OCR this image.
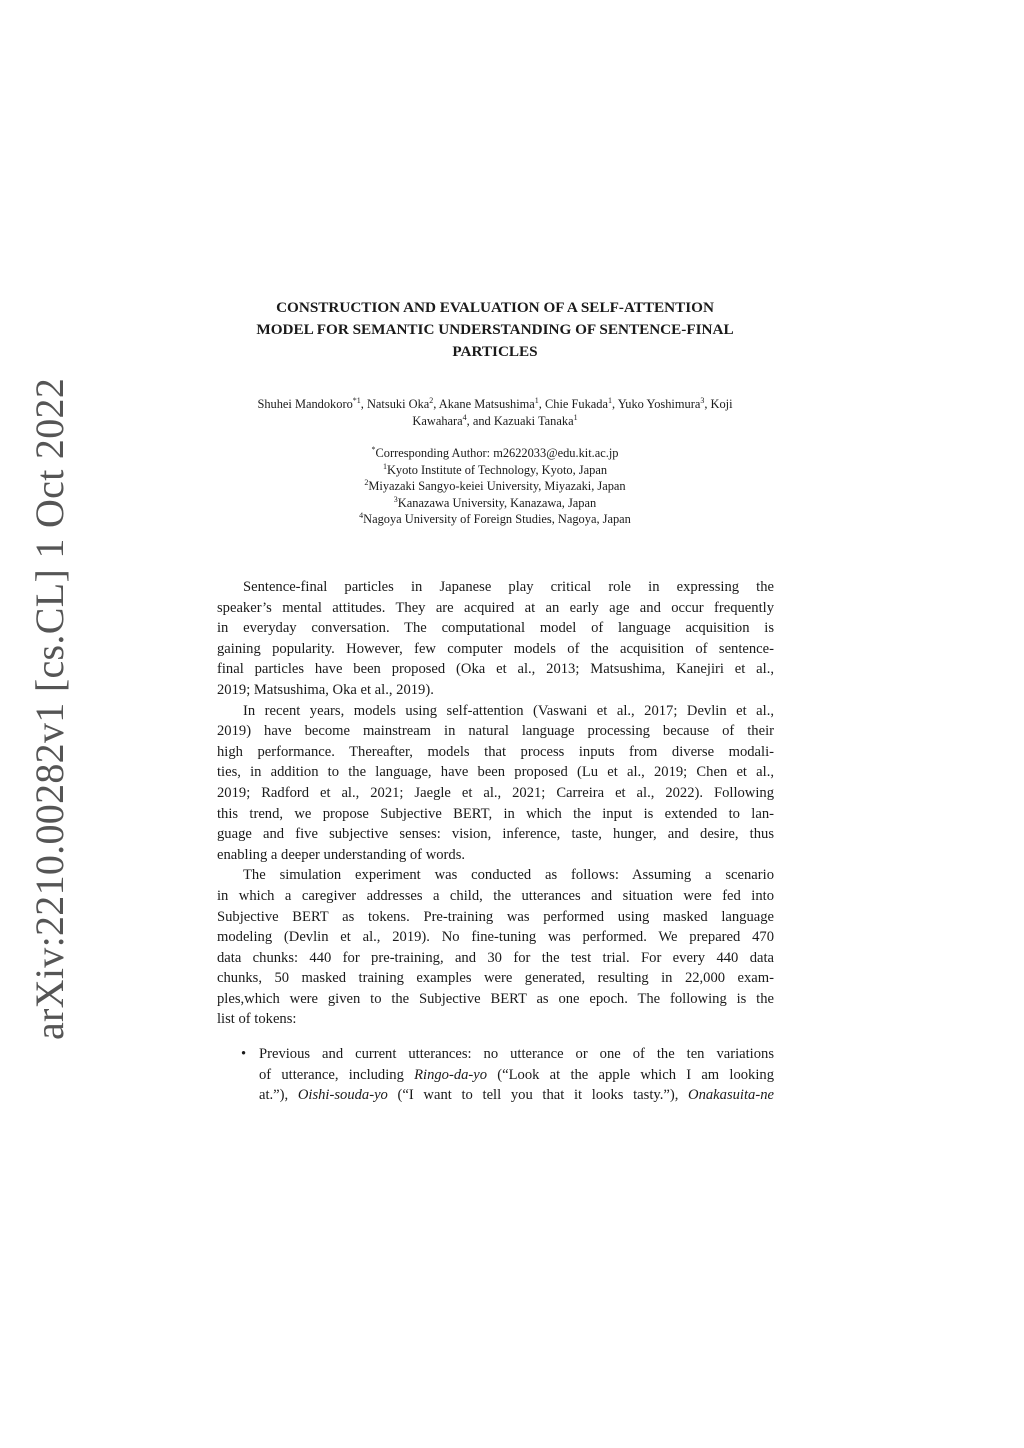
arXiv:2210.00282v1 [cs.CL] 1 Oct 2022
CONSTRUCTION AND EVALUATION OF A SELF-ATTENTION
MODEL FOR SEMANTIC UNDERSTANDING OF SENTENCE-FINAL
PARTICLES
Shuhei Mandokoro$^{*1}$, Natsuki Oka$^2$, Akane Matsushima$^1$, Chie Fukada$^1$, Yuko Yoshimura$^3$, Koji
Kawahara$^4$, and Kazuaki Tanaka$^1$
*Corresponding Author: m2622033@edu.kit.ac.jp
$^1$Kyoto Institute of Technology, Kyoto, Japan
$^2$Miyazaki Sangyo-keiei University, Miyazaki, Japan
$^3$Kanazawa University, Kanazawa, Japan
$^4$Nagoya University of Foreign Studies, Nagoya, Japan

Sentence-final particles in Japanese play critical role in expressing the
speaker’s mental attitudes. They are acquired at an early age and occur frequently
in everyday conversation. The computational model of language acquisition is
gaining popularity. However, few computer models of the acquisition of sentence-
final particles have been proposed (Oka et al., 2013; Matsushima, Kanejiri et al.,
2019; Matsushima, Oka et al., 2019).

In recent years, models using self-attention (Vaswani et al., 2017; Devlin et al.,
2019) have become mainstream in natural language processing because of their
high performance. Thereafter, models that process inputs from diverse modali-
ties, in addition to the language, have been proposed (Lu et al., 2019; Chen et al.,
2019; Radford et al., 2021; Jaegle et al., 2021; Carreira et al., 2022). Following
this trend, we propose Subjective BERT, in which the input is extended to lan-
guage and five subjective senses: vision, inference, taste, hunger, and desire, thus
enabling a deeper understanding of words.

The simulation experiment was conducted as follows: Assuming a scenario
in which a caregiver addresses a child, the utterances and situation were fed into
Subjective BERT as tokens. Pre-training was performed using masked language
modeling (Devlin et al., 2019). No fine-tuning was performed. We prepared 470
data chunks: 440 for pre-training, and 30 for the test trial. For every 440 data
chunks, 50 masked training examples were generated, resulting in 22,000 exam-
ples,which were given to the Subjective BERT as one epoch. The following is the
list of tokens:

• Previous and current utterances: no utterance or one of the ten variations
of utterance, including Ringo-da-yo (“Look at the apple which I am looking
at.”), Oishi-souda-yo (“I want to tell you that it looks tasty.”), Onakasuita-ne
